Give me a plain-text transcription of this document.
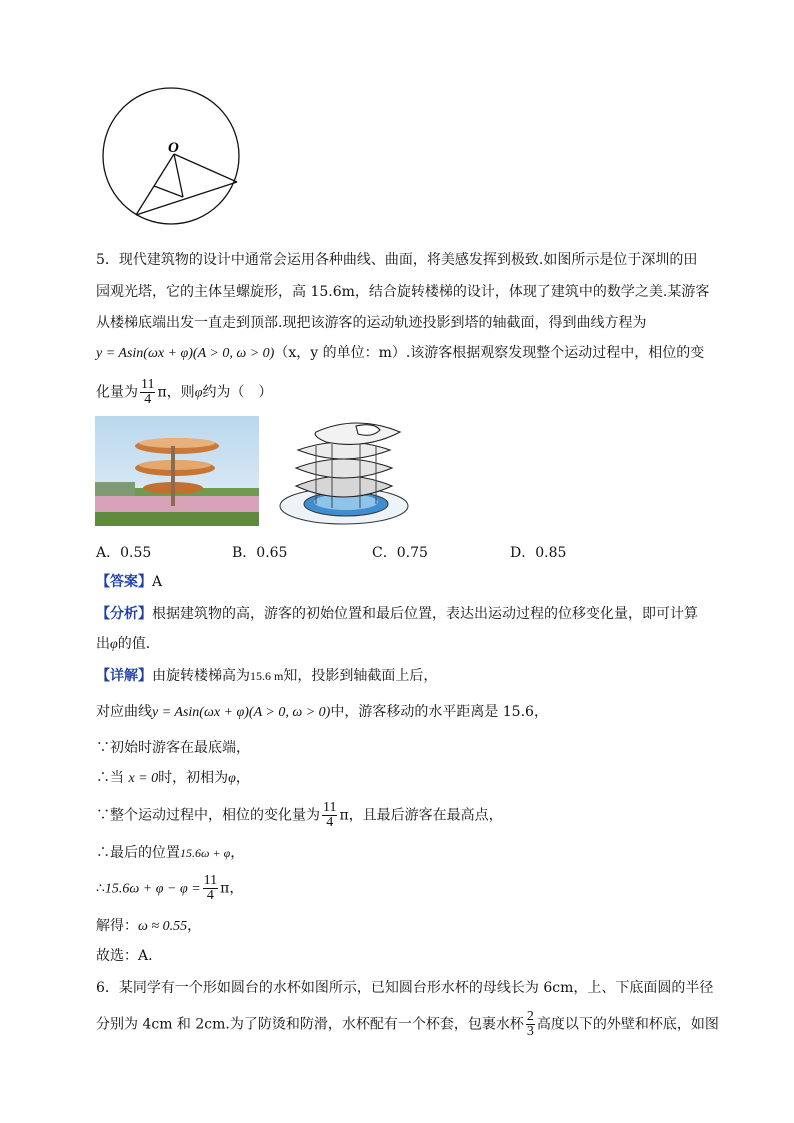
O
5．现代建筑物的设计中通常会运用各种曲线、曲面，将美感发挥到极致.如图所示是位于深圳的田
园观光塔，它的主体呈螺旋形，高 15.6m，结合旋转楼梯的设计，体现了建筑中的数学之美.某游客
从楼梯底端出发一直走到顶部.现把该游客的运动轨迹投影到塔的轴截面，得到曲线方程为
y = Asin(ωx + φ)(A > 0, ω > 0)（x，y 的单位：m）.该游客根据观察发现整个运动过程中，相位的变
化量为 $\frac{11}{4}$ π，则φ约为（　）
A．0.55	B．0.65	C．0.75	D．0.85
【答案】A
【分析】根据建筑物的高，游客的初始位置和最后位置，表达出运动过程的位移变化量，即可计算
出φ的值.
【详解】由旋转楼梯高为15.6 m知，投影到轴截面上后，
对应曲线y = Asin(ωx + φ)(A > 0, ω > 0)中，游客移动的水平距离是 15.6，
∵初始时游客在最底端，
∴当 x = 0时，初相为φ，
∵整个运动过程中，相位的变化量为 $\frac{11}{4}$ π，且最后游客在最高点，
∴最后的位置15.6ω + φ，
∴15.6ω + $\varphi - \varphi = \frac{11}{4}$ π，
解得：ω ≈ 0.55，
故选：A.
6．某同学有一个形如圆台的水杯如图所示，已知圆台形水杯的母线长为 6cm，上、下底面圆的半径
分别为 4cm 和 2cm.为了防烫和防滑，水杯配有一个杯套，包裹水杯 $\frac{2}{3}$ 高度以下的外壁和杯底，如图
